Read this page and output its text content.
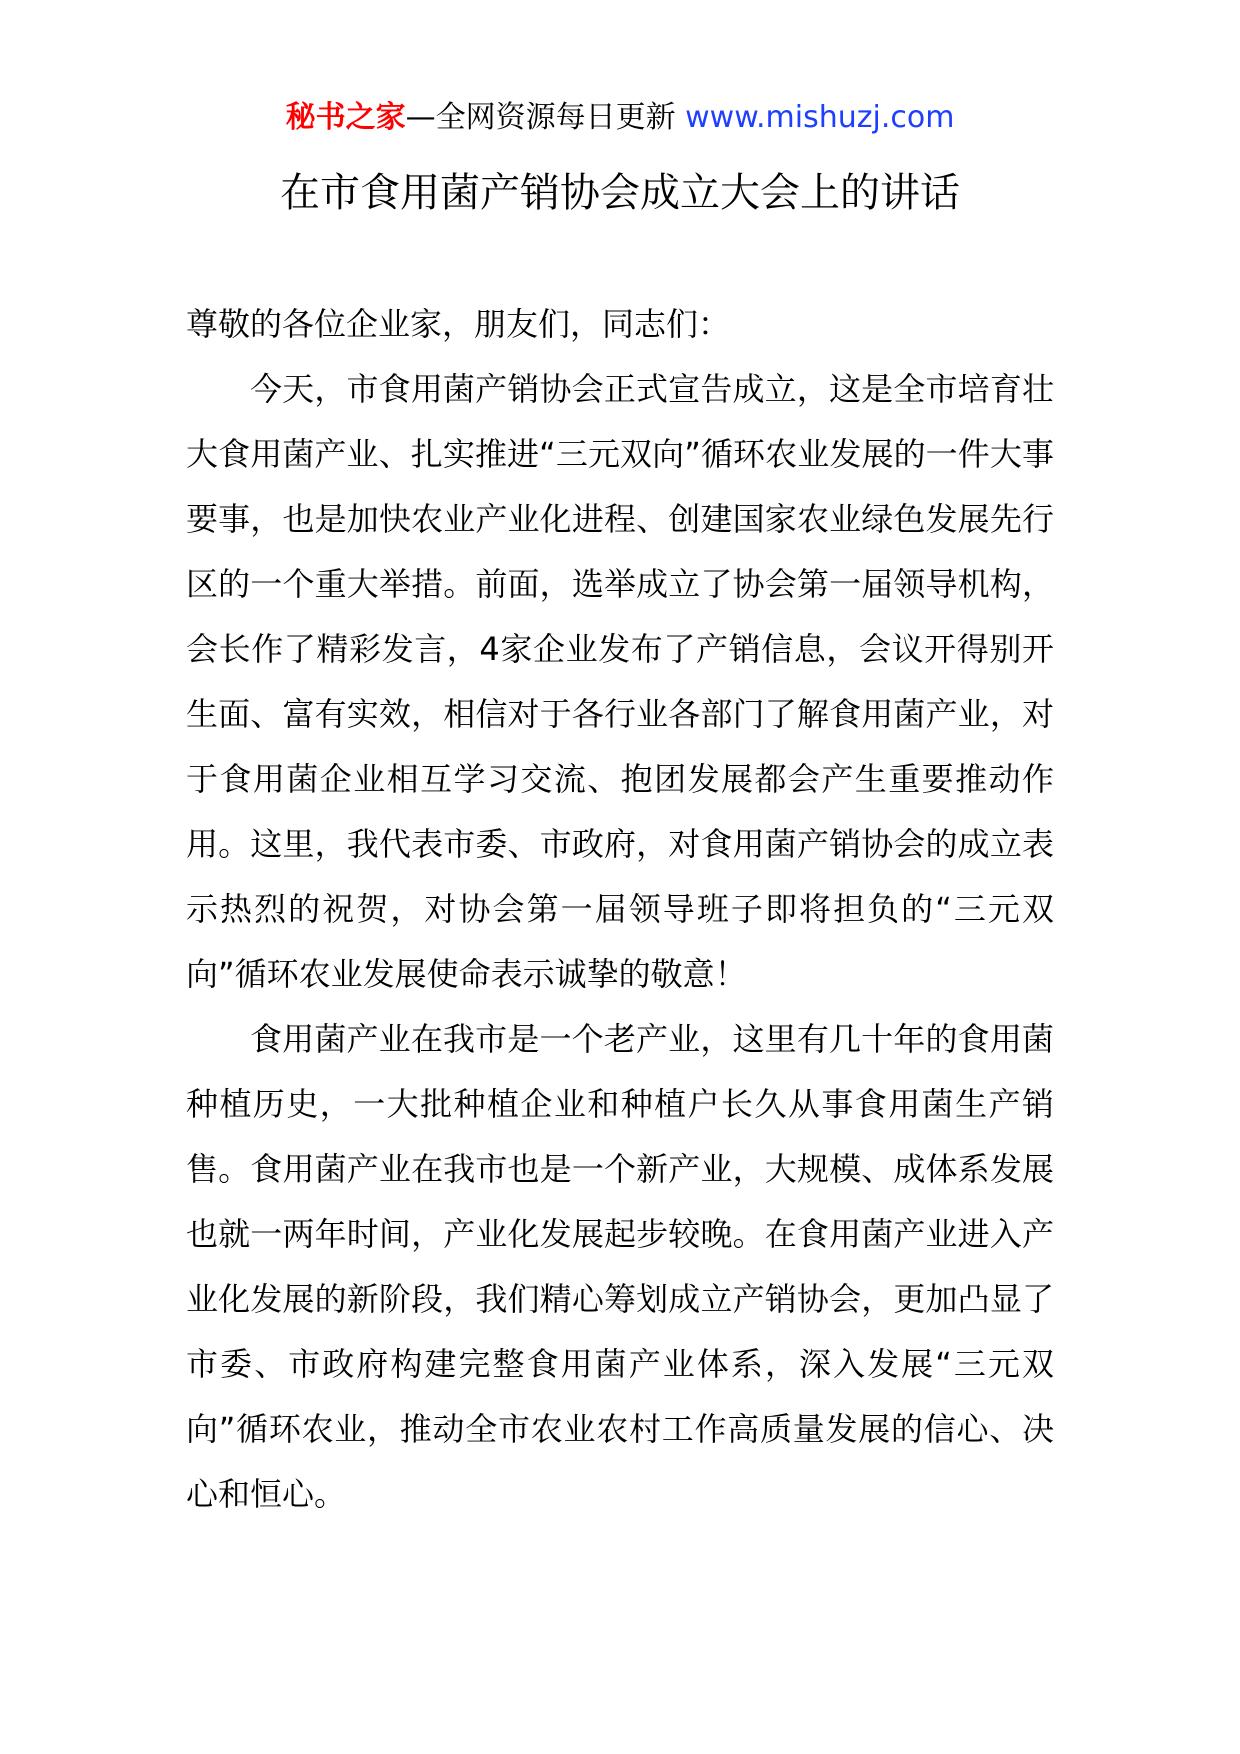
秘书之家—全网资源每日更新 www.mishuzj.com
在市食用菌产销协会成立大会上的讲话

尊敬的各位企业家，朋友们，同志们：

今天，市食用菌产销协会正式宣告成立，这是全市培育壮大食用菌产业、扎实推进“三元双向”循环农业发展的一件大事要事，也是加快农业产业化进程、创建国家农业绿色发展先行区的一个重大举措。前面，选举成立了协会第一届领导机构，会长作了精彩发言，4家企业发布了产销信息，会议开得别开生面、富有实效，相信对于各行业各部门了解食用菌产业，对于食用菌企业相互学习交流、抱团发展都会产生重要推动作用。这里，我代表市委、市政府，对食用菌产销协会的成立表示热烈的祝贺，对协会第一届领导班子即将担负的“三元双向”循环农业发展使命表示诚挚的敬意！

食用菌产业在我市是一个老产业，这里有几十年的食用菌种植历史，一大批种植企业和种植户长久从事食用菌生产销售。食用菌产业在我市也是一个新产业，大规模、成体系发展也就一两年时间，产业化发展起步较晚。在食用菌产业进入产业化发展的新阶段，我们精心筹划成立产销协会，更加凸显了市委、市政府构建完整食用菌产业体系，深入发展“三元双向”循环农业，推动全市农业农村工作高质量发展的信心、决心和恒心。
